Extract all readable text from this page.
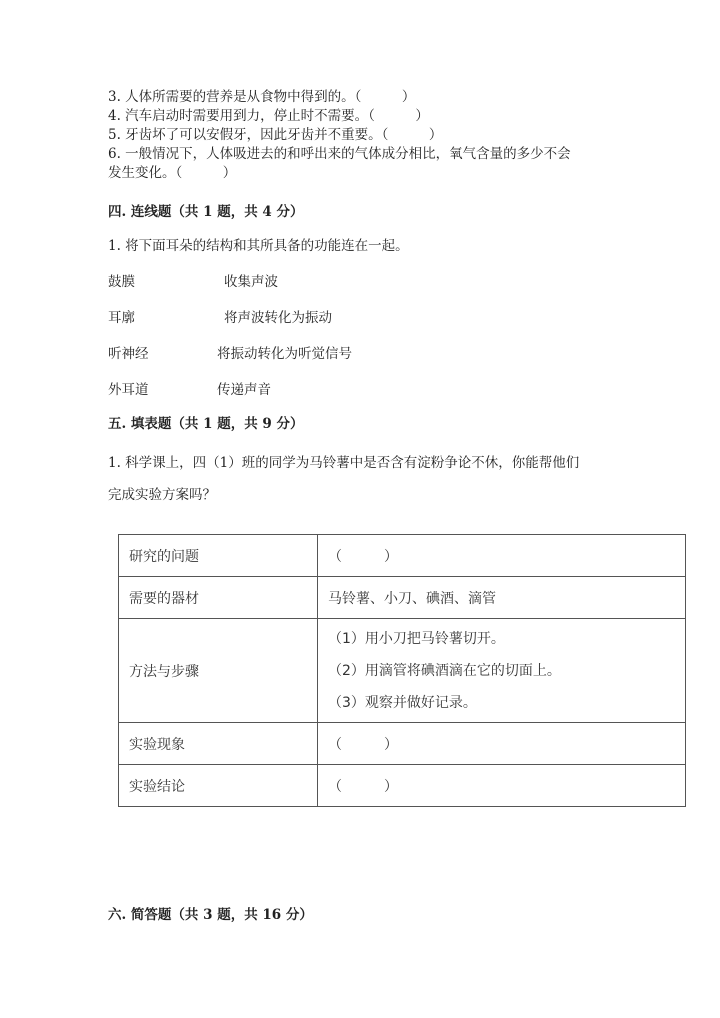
3. 人体所需要的营养是从食物中得到的。（　　　）
4. 汽车启动时需要用到力，停止时不需要。（　　　）
5. 牙齿坏了可以安假牙，因此牙齿并不重要。（　　　）
6. 一般情况下，人体吸进去的和呼出来的气体成分相比，氧气含量的多少不会
发生变化。（　　　）
四. 连线题（共 1 题，共 4 分）
1. 将下面耳朵的结构和其所具备的功能连在一起。
鼓膜	收集声波
耳廓	将声波转化为振动
听神经	将振动转化为听觉信号
外耳道	传递声音
五. 填表题（共 1 题，共 9 分）
1. 科学课上，四（1）班的同学为马铃薯中是否含有淀粉争论不休，你能帮他们
完成实验方案吗？
研究的问题	（　　　）
需要的器材	马铃薯、小刀、碘酒、滴管
方法与步骤	（1）用小刀把马铃薯切开。
（2）用滴管将碘酒滴在它的切面上。
（3）观察并做好记录。

实验现象	（　　　）
实验结论	（　　　）
六. 简答题（共 3 题，共 16 分）
